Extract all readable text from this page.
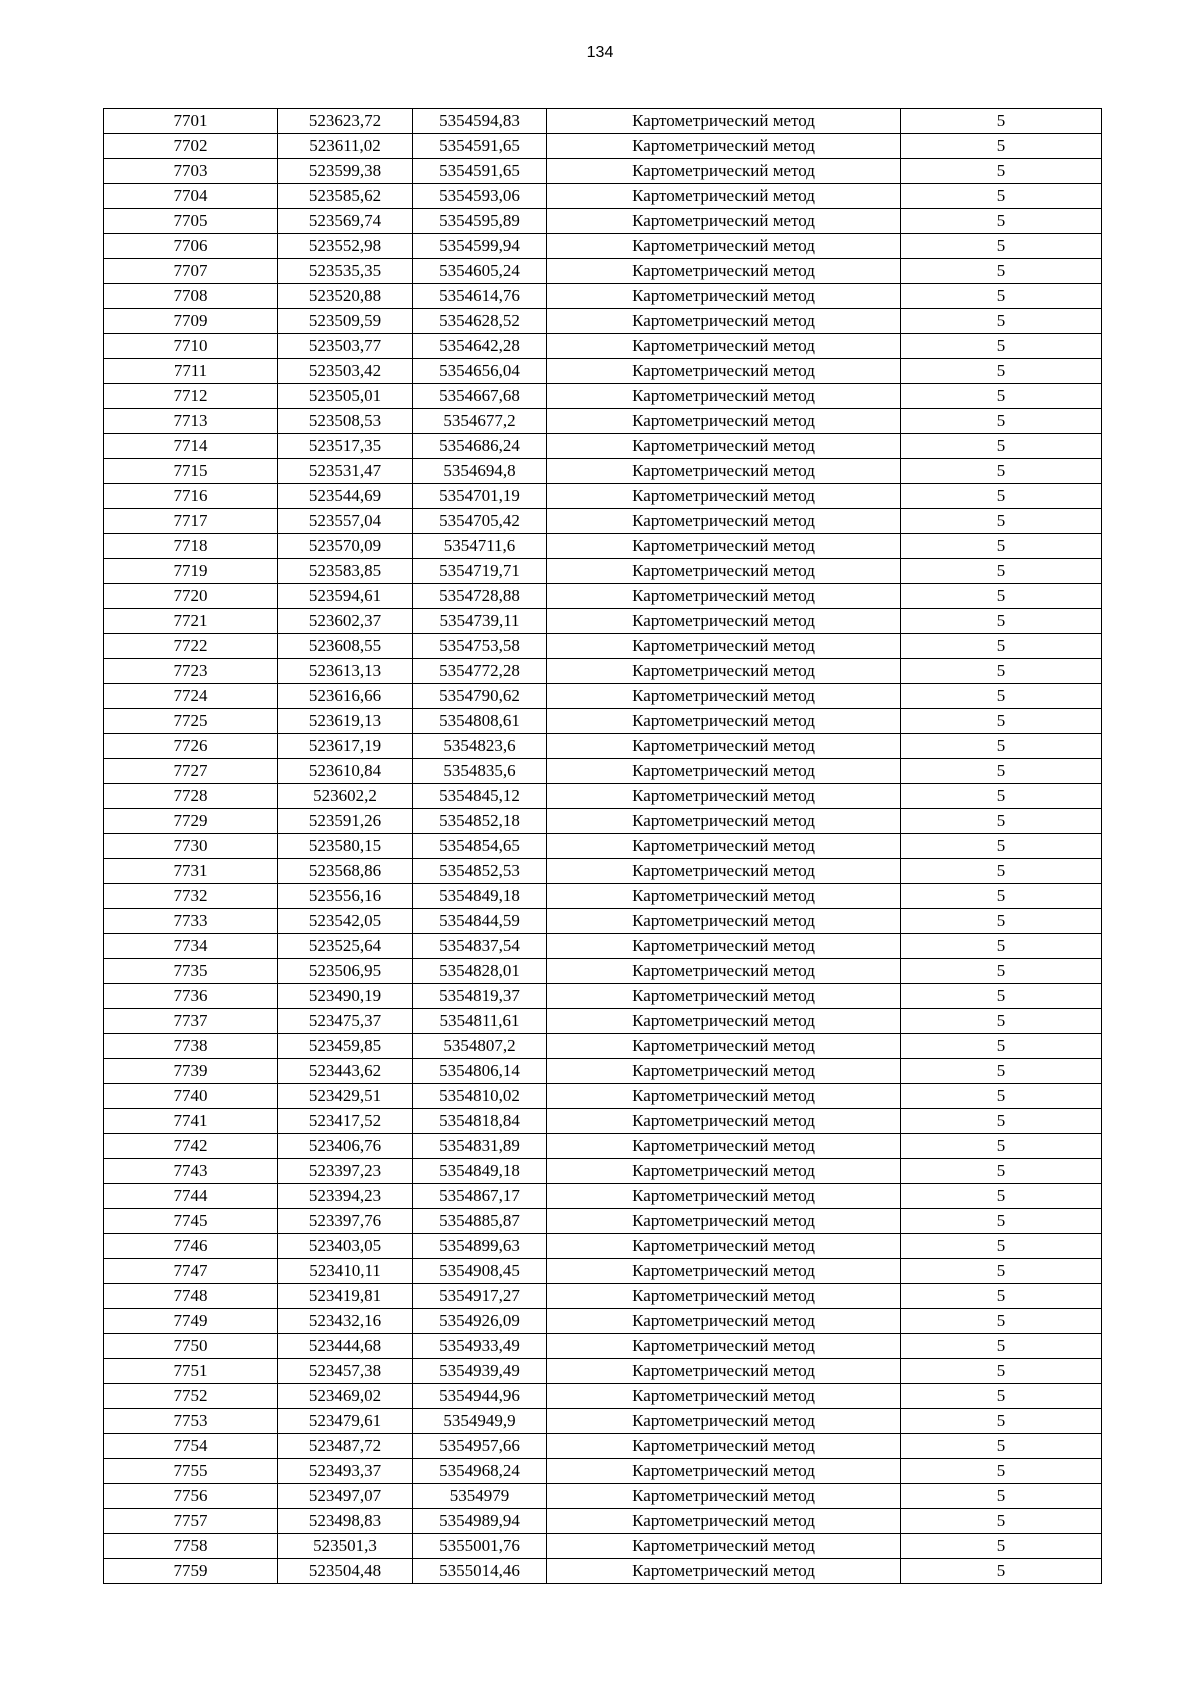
134
7701	523623,72	5354594,83	Картометрический метод	5
7702	523611,02	5354591,65	Картометрический метод	5
7703	523599,38	5354591,65	Картометрический метод	5
7704	523585,62	5354593,06	Картометрический метод	5
7705	523569,74	5354595,89	Картометрический метод	5
7706	523552,98	5354599,94	Картометрический метод	5
7707	523535,35	5354605,24	Картометрический метод	5
7708	523520,88	5354614,76	Картометрический метод	5
7709	523509,59	5354628,52	Картометрический метод	5
7710	523503,77	5354642,28	Картометрический метод	5
7711	523503,42	5354656,04	Картометрический метод	5
7712	523505,01	5354667,68	Картометрический метод	5
7713	523508,53	5354677,2	Картометрический метод	5
7714	523517,35	5354686,24	Картометрический метод	5
7715	523531,47	5354694,8	Картометрический метод	5
7716	523544,69	5354701,19	Картометрический метод	5
7717	523557,04	5354705,42	Картометрический метод	5
7718	523570,09	5354711,6	Картометрический метод	5
7719	523583,85	5354719,71	Картометрический метод	5
7720	523594,61	5354728,88	Картометрический метод	5
7721	523602,37	5354739,11	Картометрический метод	5
7722	523608,55	5354753,58	Картометрический метод	5
7723	523613,13	5354772,28	Картометрический метод	5
7724	523616,66	5354790,62	Картометрический метод	5
7725	523619,13	5354808,61	Картометрический метод	5
7726	523617,19	5354823,6	Картометрический метод	5
7727	523610,84	5354835,6	Картометрический метод	5
7728	523602,2	5354845,12	Картометрический метод	5
7729	523591,26	5354852,18	Картометрический метод	5
7730	523580,15	5354854,65	Картометрический метод	5
7731	523568,86	5354852,53	Картометрический метод	5
7732	523556,16	5354849,18	Картометрический метод	5
7733	523542,05	5354844,59	Картометрический метод	5
7734	523525,64	5354837,54	Картометрический метод	5
7735	523506,95	5354828,01	Картометрический метод	5
7736	523490,19	5354819,37	Картометрический метод	5
7737	523475,37	5354811,61	Картометрический метод	5
7738	523459,85	5354807,2	Картометрический метод	5
7739	523443,62	5354806,14	Картометрический метод	5
7740	523429,51	5354810,02	Картометрический метод	5
7741	523417,52	5354818,84	Картометрический метод	5
7742	523406,76	5354831,89	Картометрический метод	5
7743	523397,23	5354849,18	Картометрический метод	5
7744	523394,23	5354867,17	Картометрический метод	5
7745	523397,76	5354885,87	Картометрический метод	5
7746	523403,05	5354899,63	Картометрический метод	5
7747	523410,11	5354908,45	Картометрический метод	5
7748	523419,81	5354917,27	Картометрический метод	5
7749	523432,16	5354926,09	Картометрический метод	5
7750	523444,68	5354933,49	Картометрический метод	5
7751	523457,38	5354939,49	Картометрический метод	5
7752	523469,02	5354944,96	Картометрический метод	5
7753	523479,61	5354949,9	Картометрический метод	5
7754	523487,72	5354957,66	Картометрический метод	5
7755	523493,37	5354968,24	Картометрический метод	5
7756	523497,07	5354979	Картометрический метод	5
7757	523498,83	5354989,94	Картометрический метод	5
7758	523501,3	5355001,76	Картометрический метод	5
7759	523504,48	5355014,46	Картометрический метод	5
